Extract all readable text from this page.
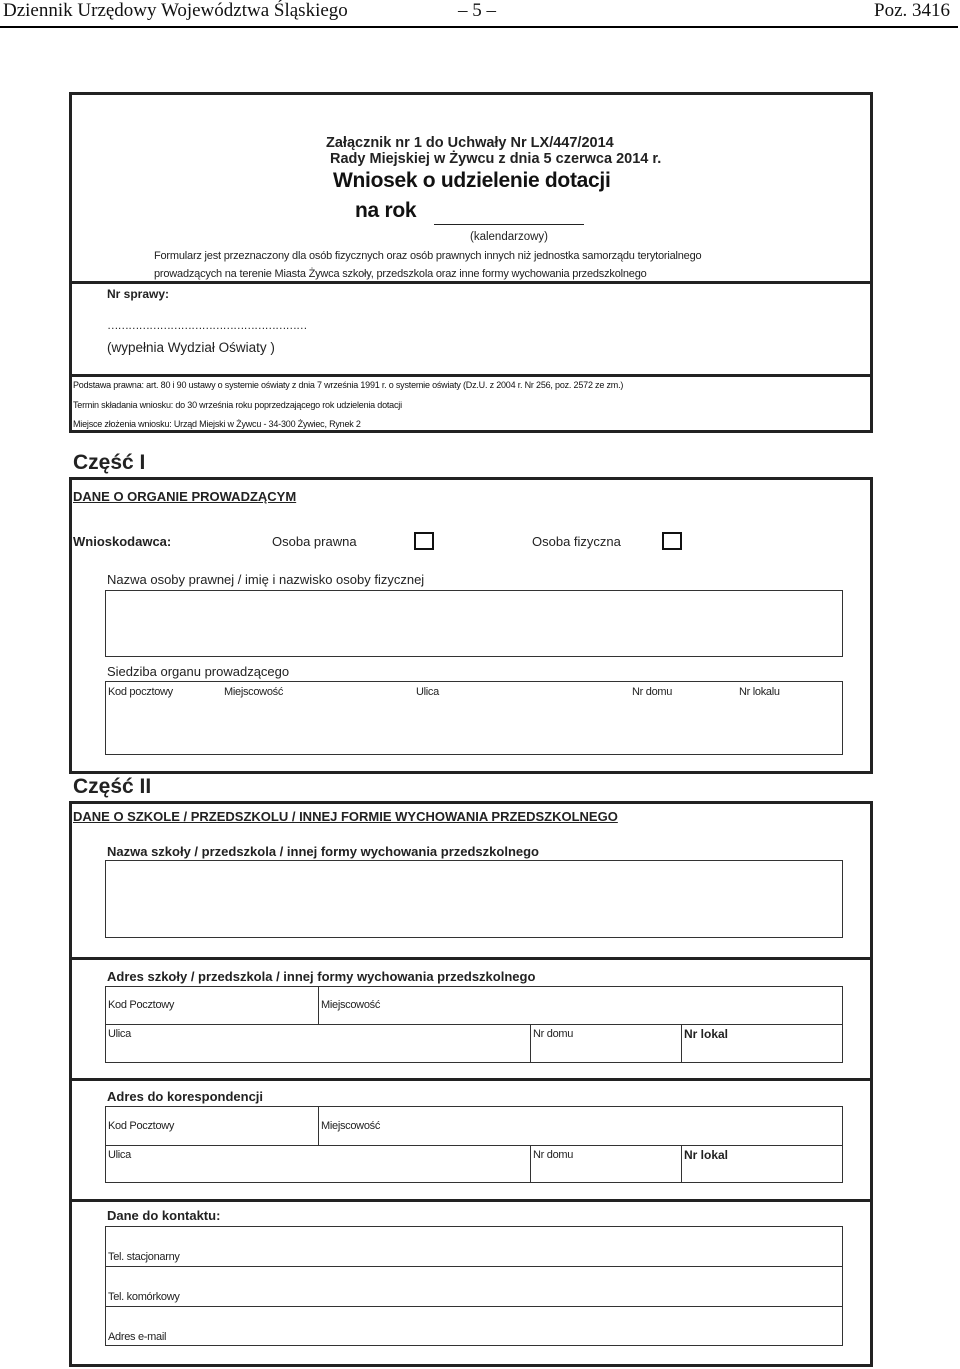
Dziennik Urzędowy Województwa Śląskiego	– 5 –	Poz. 3416
Załącznik nr 1 do Uchwały Nr LX/447/2014
Rady Miejskiej w Żywcu z dnia 5 czerwca 2014 r.
Wniosek o udzielenie dotacji
na rok
(kalendarzowy)
Formularz jest przeznaczony dla osób fizycznych oraz osób prawnych innych niż jednostka samorządu terytorialnego
prowadzących na terenie Miasta Żywca szkoły, przedszkola oraz inne formy wychowania przedszkolnego
Nr sprawy:
…………………………………………………
(wypełnia Wydział Oświaty )
Podstawa prawna: art. 80 i 90 ustawy o systemie oświaty z dnia 7 września 1991 r. o systemie oświaty (Dz.U. z 2004 r. Nr 256, poz. 2572 ze zm.)
Termin składania wniosku: do 30 września roku poprzedzającego rok udzielenia dotacji
Miejsce złożenia wniosku: Urząd Miejski w Żywcu - 34-300 Żywiec, Rynek 2
Część I
DANE O ORGANIE PROWADZĄCYM
Wnioskodawca:	Osoba prawna	Osoba fizyczna
Nazwa osoby prawnej / imię i nazwisko osoby fizycznej
Siedziba organu prowadzącego
Kod pocztowy	Miejscowość	Ulica	Nr domu	Nr lokalu
Część II
DANE O SZKOLE / PRZEDSZKOLU / INNEJ FORMIE WYCHOWANIA PRZEDSZKOLNEGO
Nazwa szkoły / przedszkola / innej formy wychowania przedszkolnego
Adres szkoły / przedszkola / innej formy wychowania przedszkolnego
Kod Pocztowy	Miejscowość
Ulica	Nr domu	Nr lokal
Adres do korespondencji
Kod Pocztowy	Miejscowość
Ulica	Nr domu	Nr lokal
Dane do kontaktu:
Tel. stacjonarny
Tel. komórkowy
Adres e-mail
